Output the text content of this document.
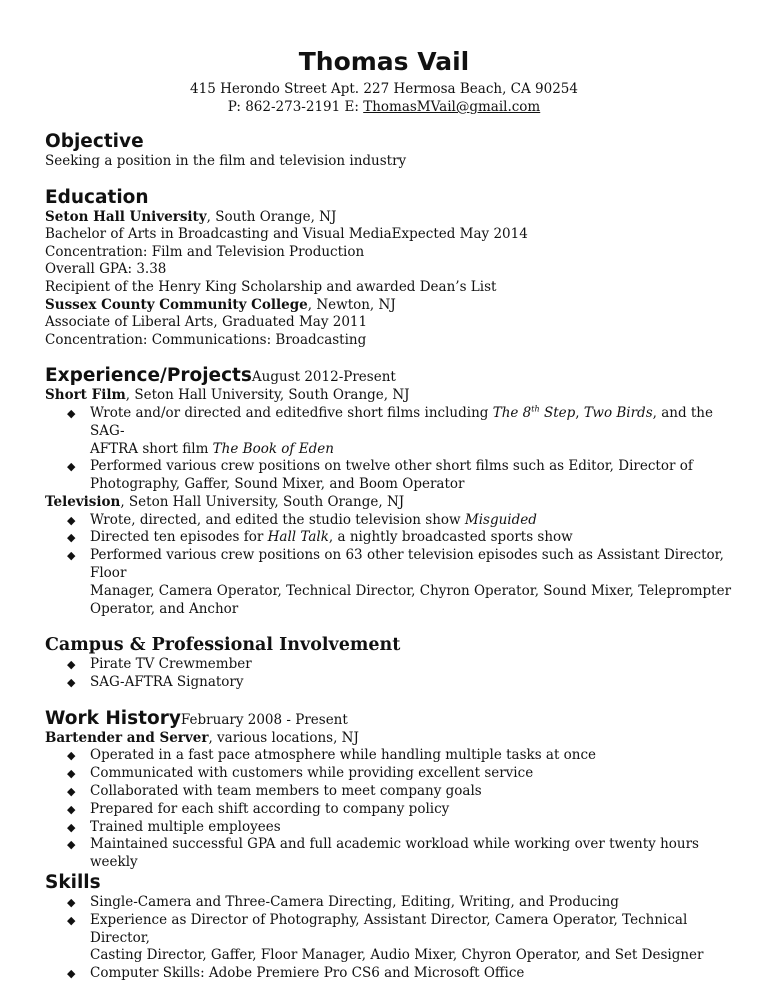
Thomas Vail
415 Herondo Street Apt. 227 Hermosa Beach, CA 90254
P: 862-273-2191 E: ThomasMVail@gmail.com
Objective
Seeking a position in the film and television industry
Education
Seton Hall University, South Orange, NJ
Bachelor of Arts in Broadcasting and Visual MediaExpected May 2014
Concentration: Film and Television Production
Overall GPA: 3.38
Recipient of the Henry King Scholarship and awarded Dean’s List
Sussex County Community College, Newton, NJ
Associate of Liberal Arts, Graduated May 2011
Concentration: Communications: Broadcasting
Experience/ProjectsAugust 2012-Present
Short Film, Seton Hall University, South Orange, NJ
◆ Wrote and/or directed and editedfive short films including The 8th Step, Two Birds, and the SAG-
AFTRA short film The Book of Eden
◆ Performed various crew positions on twelve other short films such as Editor, Director of
Photography, Gaffer, Sound Mixer, and Boom Operator
Television, Seton Hall University, South Orange, NJ
◆ Wrote, directed, and edited the studio television show Misguided
◆ Directed ten episodes for Hall Talk, a nightly broadcasted sports show
◆ Performed various crew positions on 63 other television episodes such as Assistant Director, Floor
Manager, Camera Operator, Technical Director, Chyron Operator, Sound Mixer, Teleprompter
Operator, and Anchor
Campus & Professional Involvement
◆ Pirate TV Crewmember
◆ SAG-AFTRA Signatory
Work HistoryFebruary 2008 - Present
Bartender and Server, various locations, NJ
◆ Operated in a fast pace atmosphere while handling multiple tasks at once
◆ Communicated with customers while providing excellent service
◆ Collaborated with team members to meet company goals
◆ Prepared for each shift according to company policy
◆ Trained multiple employees
◆ Maintained successful GPA and full academic workload while working over twenty hours weekly
Skills
◆ Single-Camera and Three-Camera Directing, Editing, Writing, and Producing
◆ Experience as Director of Photography, Assistant Director, Camera Operator, Technical Director,
Casting Director, Gaffer, Floor Manager, Audio Mixer, Chyron Operator, and Set Designer
◆ Computer Skills: Adobe Premiere Pro CS6 and Microsoft Office
